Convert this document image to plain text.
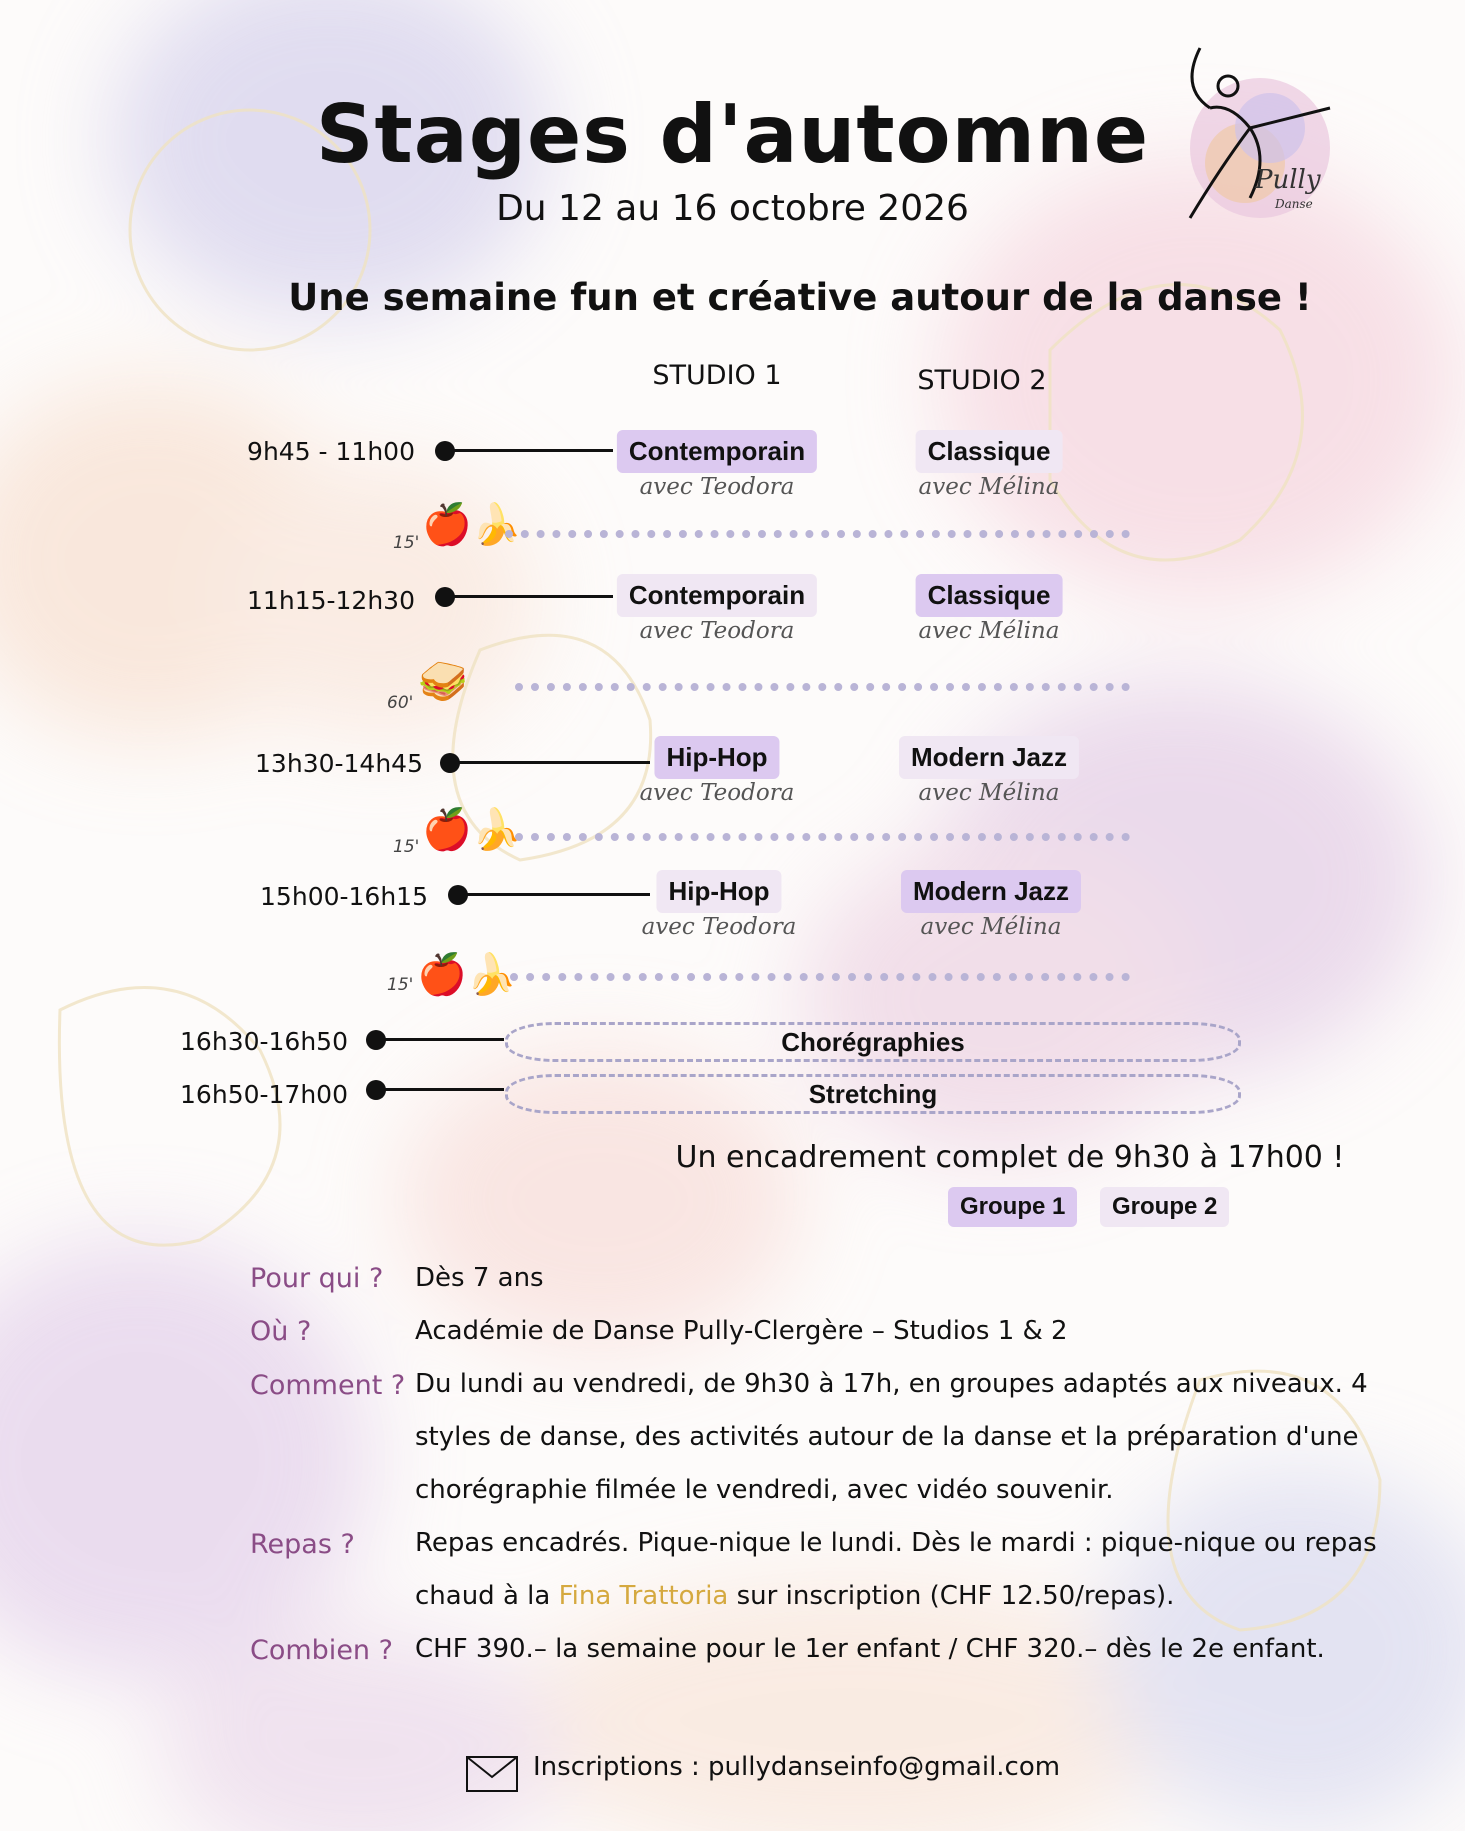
Pully
Danse
Stages d'automne
Du 12 au 16 octobre 2026
Une semaine fun et créative autour de la danse !
STUDIO 1	STUDIO 2
9h45 - 11h00	Contemporain	Classique
avec Teodora	avec Mélina
15' 🍎🍌
11h15-12h30	Contemporain	Classique
avec Teodora	avec Mélina
60' 🥪
13h30-14h45	Hip-Hop	Modern Jazz
avec Teodora	avec Mélina
15' 🍎🍌
15h00-16h15	Hip-Hop	Modern Jazz
avec Teodora	avec Mélina
15' 🍎🍌
16h30-16h50	Chorégraphies
16h50-17h00	Stretching
Un encadrement complet de 9h30 à 17h00 !
Groupe 1	Groupe 2
Pour qui ? Dès 7 ans
Où ?	Académie de Danse Pully-Clergère – Studios 1 & 2
Comment ? Du lundi au vendredi, de 9h30 à 17h, en groupes adaptés aux niveaux. 4 styles de danse, des activités autour de la danse et la préparation d'une chorégraphie filmée le vendredi, avec vidéo souvenir.
Repas ? Repas encadrés. Pique-nique le lundi. Dès le mardi : pique-nique ou repas chaud à la Fina Trattoria sur inscription (CHF 12.50/repas).
Combien ? CHF 390.– la semaine pour le 1er enfant / CHF 320.– dès le 2e enfant.
Inscriptions : pullydanseinfo@gmail.com
